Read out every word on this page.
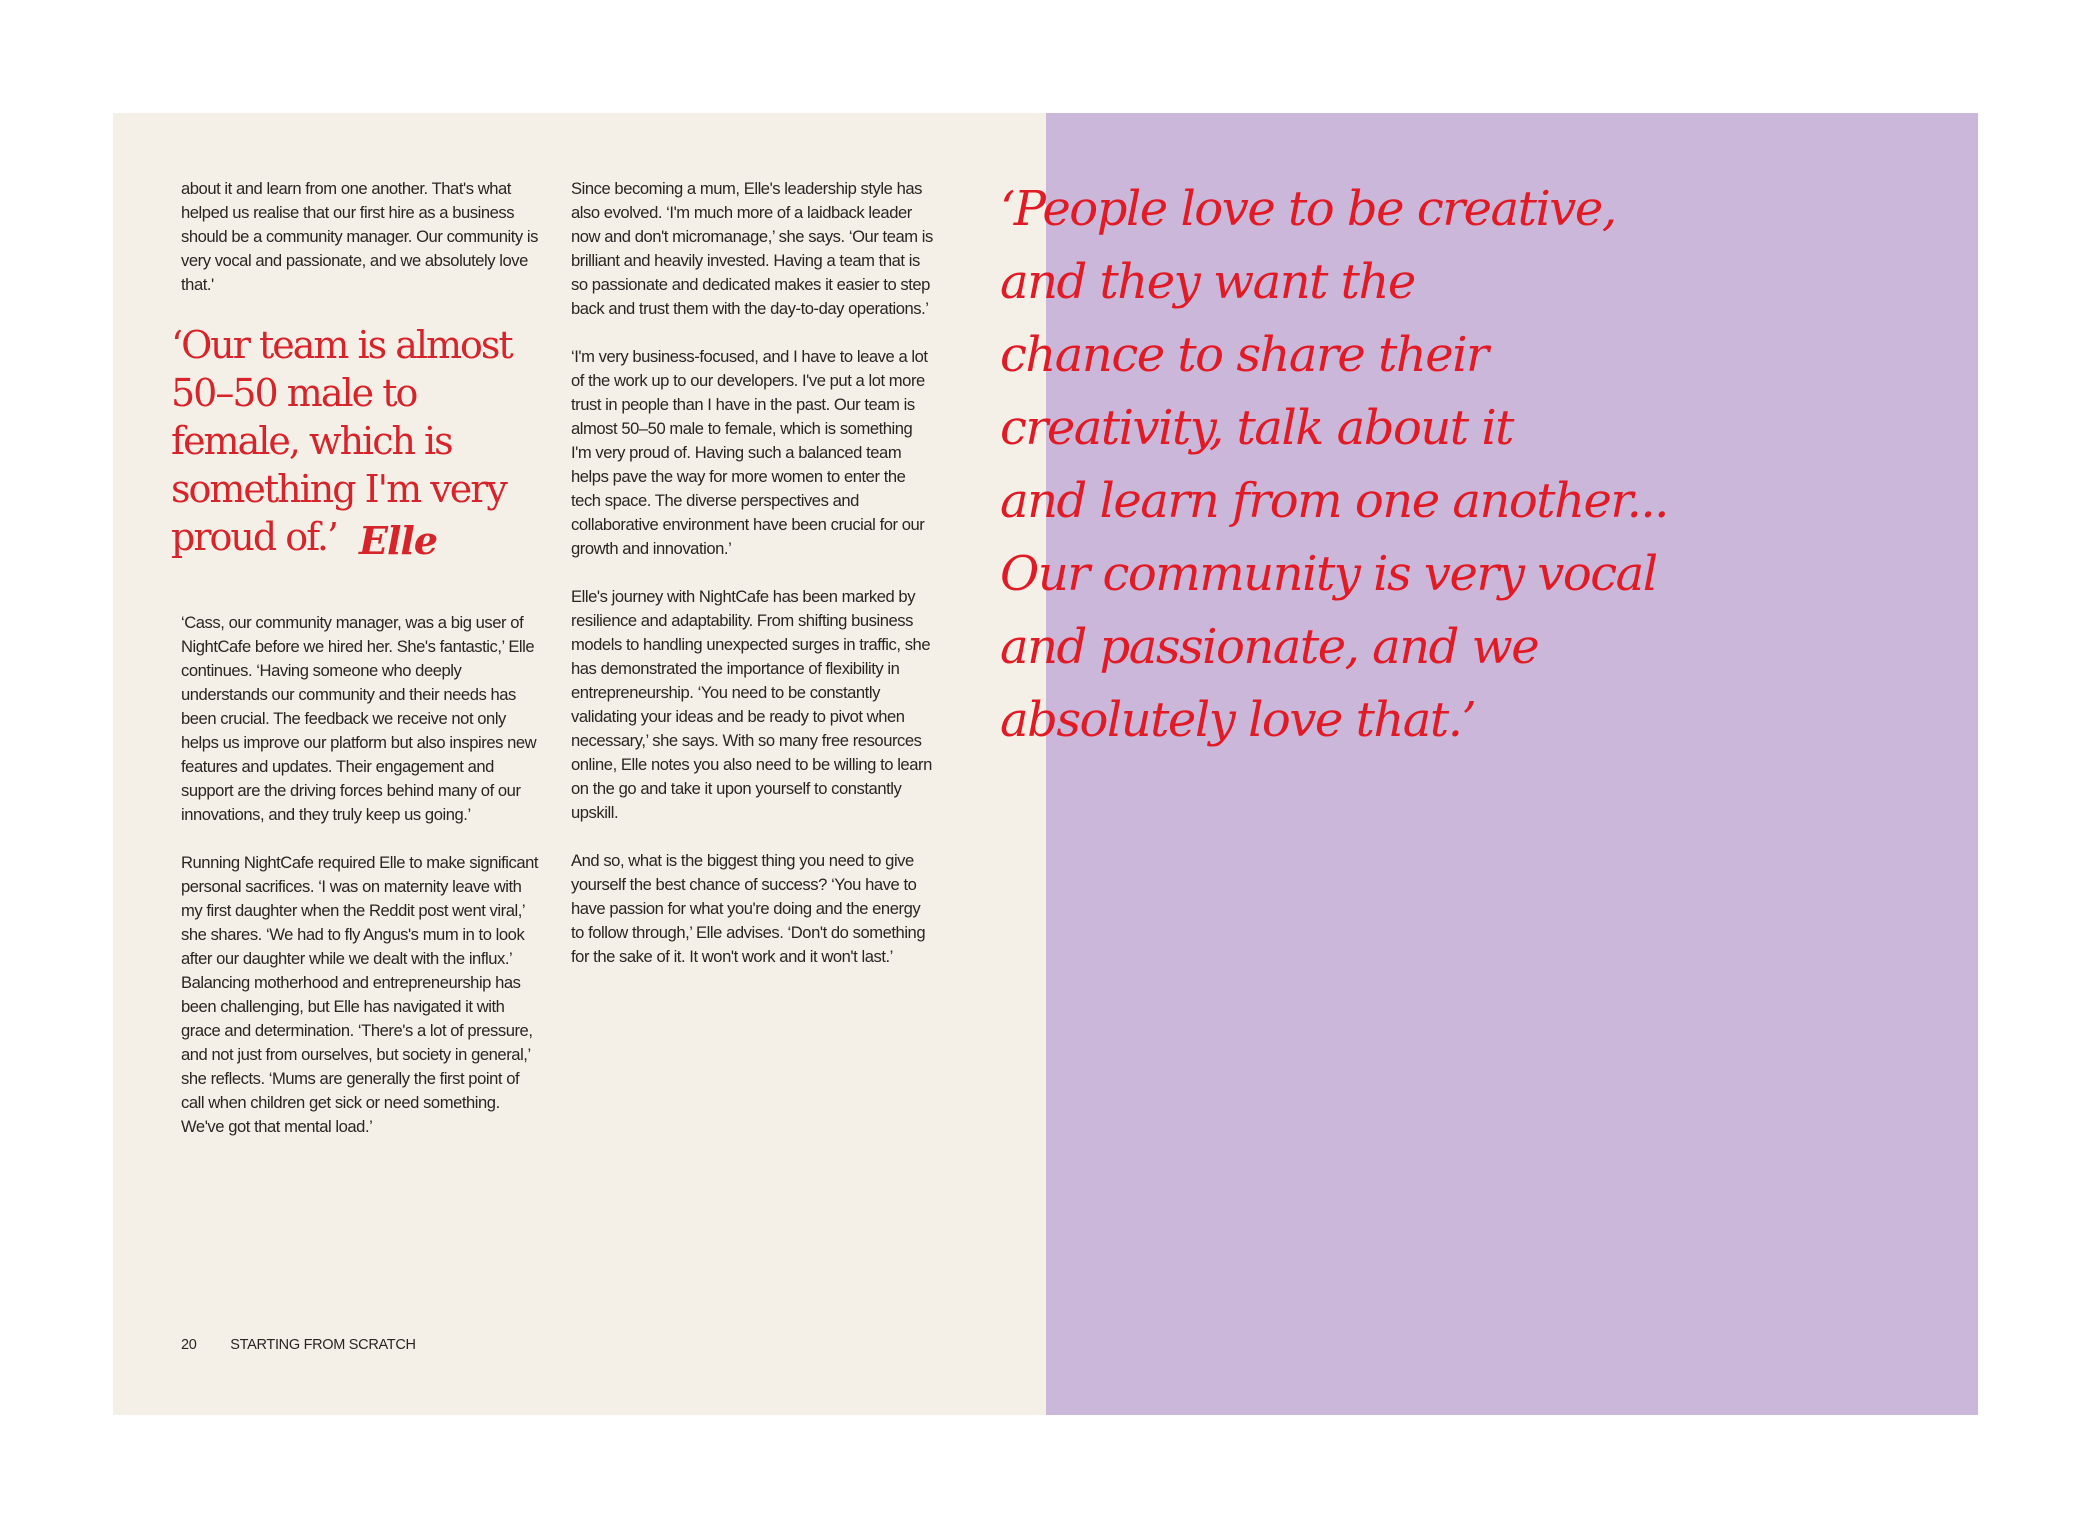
about it and learn from one another. That's what helped us realise that our first hire as a business should be a community manager. Our community is very vocal and passionate, and we absolutely love that.'

‘Our team is almost 50–50 male to female, which is something I'm very proud of.’ Elle

‘Cass, our community manager, was a big user of NightCafe before we hired her. She's fantastic,’ Elle continues. ‘Having someone who deeply understands our community and their needs has been crucial. The feedback we receive not only helps us improve our platform but also inspires new features and updates. Their engagement and support are the driving forces behind many of our innovations, and they truly keep us going.’

Running NightCafe required Elle to make significant personal sacrifices. ‘I was on maternity leave with my first daughter when the Reddit post went viral,’ she shares. ‘We had to fly Angus's mum in to look after our daughter while we dealt with the influx.’ Balancing motherhood and entrepreneurship has been challenging, but Elle has navigated it with grace and determination. ‘There's a lot of pressure, and not just from ourselves, but society in general,’ she reflects. ‘Mums are generally the first point of call when children get sick or need something. We've got that mental load.’

Since becoming a mum, Elle's leadership style has also evolved. ‘I'm much more of a laidback leader now and don't micromanage,’ she says. ‘Our team is brilliant and heavily invested. Having a team that is so passionate and dedicated makes it easier to step back and trust them with the day-to-day operations.’

‘I'm very business-focused, and I have to leave a lot of the work up to our developers. I've put a lot more trust in people than I have in the past. Our team is almost 50–50 male to female, which is something I'm very proud of. Having such a balanced team helps pave the way for more women to enter the tech space. The diverse perspectives and collaborative environment have been crucial for our growth and innovation.’

Elle's journey with NightCafe has been marked by resilience and adaptability. From shifting business models to handling unexpected surges in traffic, she has demonstrated the importance of flexibility in entrepreneurship. ‘You need to be constantly validating your ideas and be ready to pivot when necessary,’ she says. With so many free resources online, Elle notes you also need to be willing to learn on the go and take it upon yourself to constantly upskill.

And so, what is the biggest thing you need to give yourself the best chance of success? ‘You have to have passion for what you're doing and the energy to follow through,’ Elle advises. ‘Don't do something for the sake of it. It won't work and it won't last.’

20 STARTING FROM SCRATCH
‘People love to be creative,
and they want the
chance to share their
creativity, talk about it
and learn from one another...
Our community is very vocal
and passionate, and we
absolutely love that.’
